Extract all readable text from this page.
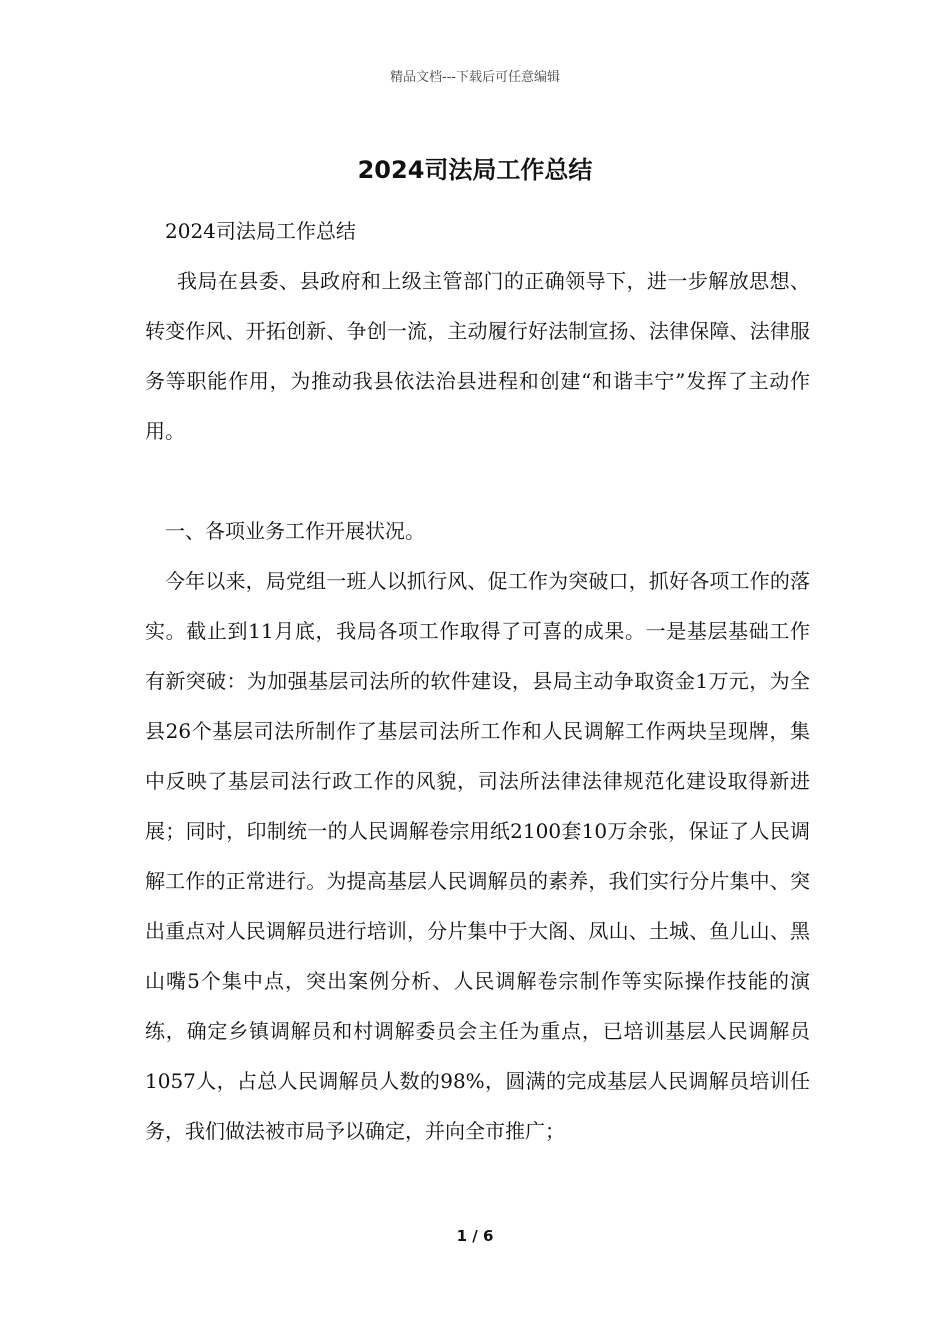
精品文档---下载后可任意编辑
2024司法局工作总结

2024司法局工作总结

我局在县委、县政府和上级主管部门的正确领导下，进一步解放思想、转变作风、开拓创新、争创一流，主动履行好法制宣扬、法律保障、法律服务等职能作用，为推动我县依法治县进程和创建“和谐丰宁”发挥了主动作用。

一、各项业务工作开展状况。

今年以来，局党组一班人以抓行风、促工作为突破口，抓好各项工作的落实。截止到11月底，我局各项工作取得了可喜的成果。一是基层基础工作有新突破：为加强基层司法所的软件建设，县局主动争取资金1万元，为全县26个基层司法所制作了基层司法所工作和人民调解工作两块呈现牌，集中反映了基层司法行政工作的风貌，司法所法律法律规范化建设取得新进展；同时，印制统一的人民调解卷宗用纸2100套10万余张，保证了人民调解工作的正常进行。为提高基层人民调解员的素养，我们实行分片集中、突出重点对人民调解员进行培训，分片集中于大阁、凤山、土城、鱼儿山、黑山嘴5个集中点，突出案例分析、人民调解卷宗制作等实际操作技能的演练，确定乡镇调解员和村调解委员会主任为重点，已培训基层人民调解员1057人，占总人民调解员人数的98%，圆满的完成基层人民调解员培训任务，我们做法被市局予以确定，并向全市推广；

1 / 6
